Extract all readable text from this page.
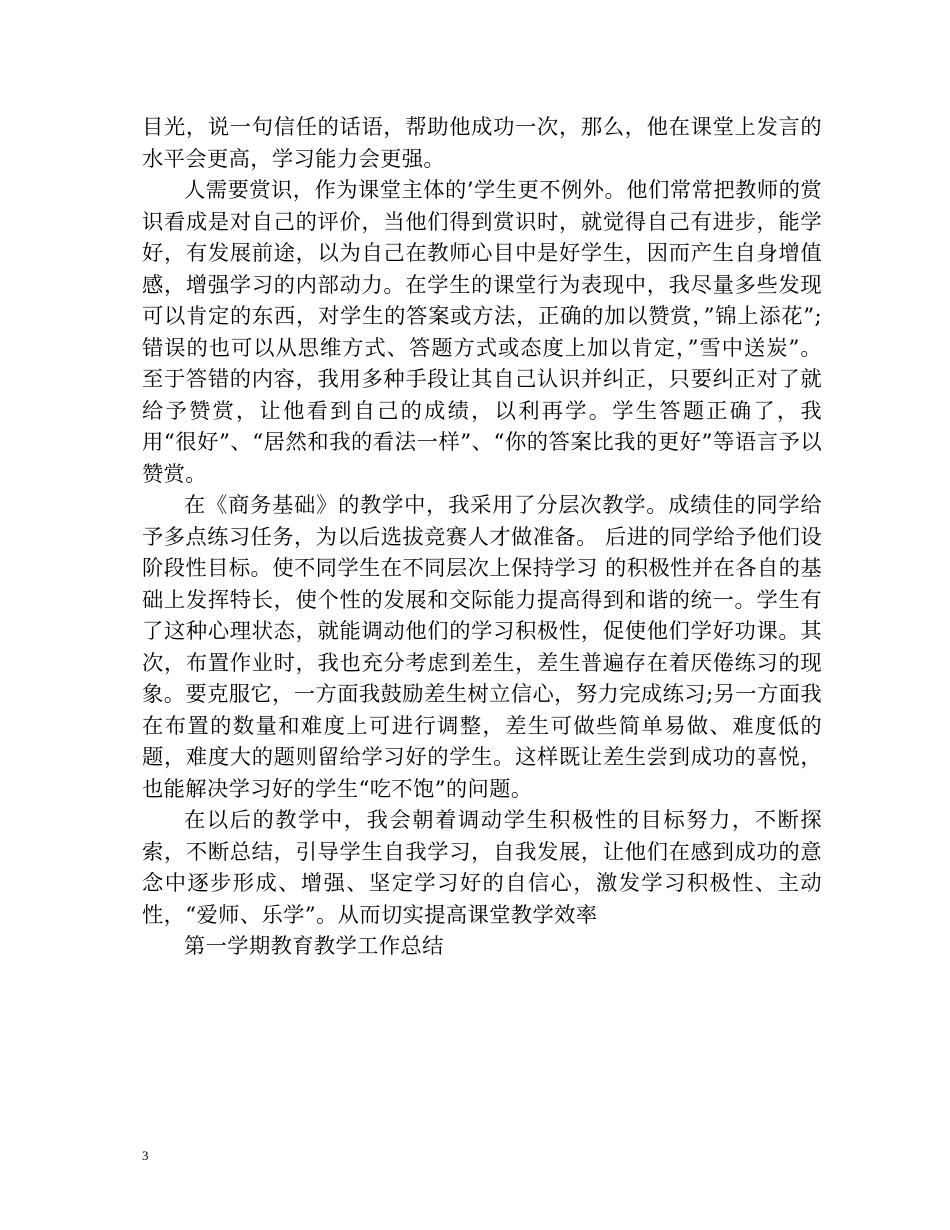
目光，说一句信任的话语，帮助他成功一次，那么，他在课堂上发言的水平会更高，学习能力会更强。

人需要赏识，作为课堂主体的’学生更不例外。他们常常把教师的赏识看成是对自己的评价，当他们得到赏识时，就觉得自己有进步，能学好，有发展前途，以为自己在教师心目中是好学生，因而产生自身增值感，增强学习的内部动力。在学生的课堂行为表现中，我尽量多些发现可以肯定的东西，对学生的答案或方法，正确的加以赞赏，”锦上添花”;错误的也可以从思维方式、答题方式或态度上加以肯定，”雪中送炭”。至于答错的内容，我用多种手段让其自己认识并纠正，只要纠正对了就给予赞赏，让他看到自己的成绩，以利再学。学生答题正确了，我用“很好”、“居然和我的看法一样”、“你的答案比我的更好”等语言予以赞赏。

在《商务基础》的教学中，我采用了分层次教学。成绩佳的同学给予多点练习任务，为以后选拔竞赛人才做准备。 后进的同学给予他们设阶段性目标。使不同学生在不同层次上保持学习 的积极性并在各自的基础上发挥特长，使个性的发展和交际能力提高得到和谐的统一。学生有了这种心理状态，就能调动他们的学习积极性，促使他们学好功课。其次，布置作业时，我也充分考虑到差生，差生普遍存在着厌倦练习的现象。要克服它，一方面我鼓励差生树立信心，努力完成练习;另一方面我在布置的数量和难度上可进行调整，差生可做些简单易做、难度低的题，难度大的题则留给学习好的学生。这样既让差生尝到成功的喜悦，也能解决学习好的学生“吃不饱”的问题。

在以后的教学中，我会朝着调动学生积极性的目标努力，不断探索，不断总结，引导学生自我学习，自我发展，让他们在感到成功的意念中逐步形成、增强、坚定学习好的自信心，激发学习积极性、主动性，“爱师、乐学”。从而切实提高课堂教学效率

第一学期教育教学工作总结

3
